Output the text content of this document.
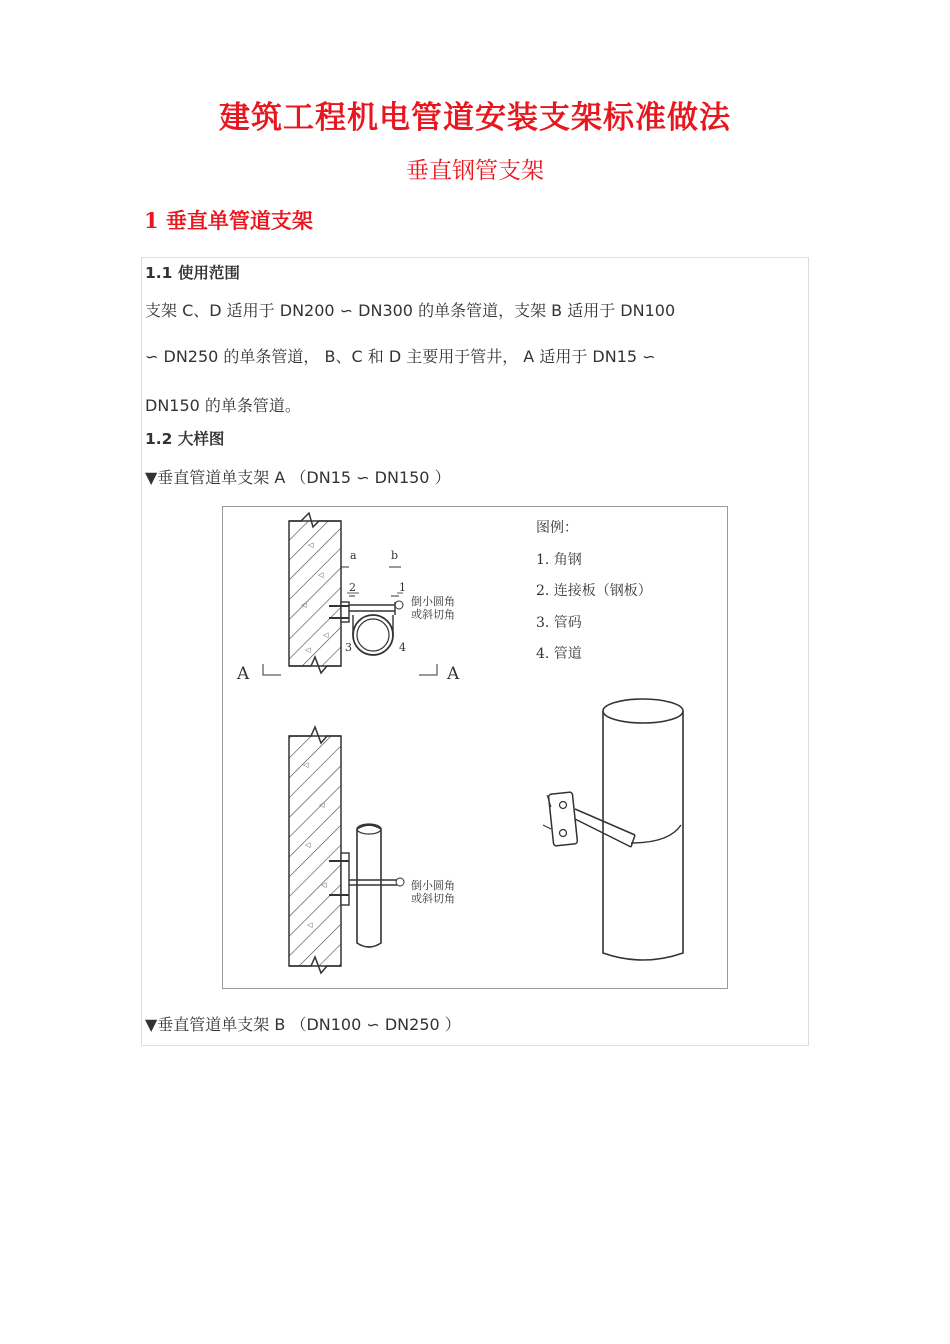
建筑工程机电管道安装支架标准做法
垂直钢管支架
1 垂直单管道支架
1.1 使用范围
支架 C、D 适用于 DN200 ∽ DN300 的单条管道，支架 B 适用于 DN100
∽ DN250 的单条管道， B、C 和 D 主要用于管井， A 适用于 DN15 ∽
DN150 的单条管道。
1.2 大样图
▼垂直管道单支架 A （DN15 ∽ DN150 ）
◁
◁
◁
◁
◁
a	b
2	1
3	4
A	A
◁
◁
◁
◁
◁
图例：
1. 角钢
2. 连接板（钢板）
3. 管码
4. 管道
倒小圆角
或斜切角
倒小圆角
或斜切角
▼垂直管道单支架 B （DN100 ∽ DN250 ）
